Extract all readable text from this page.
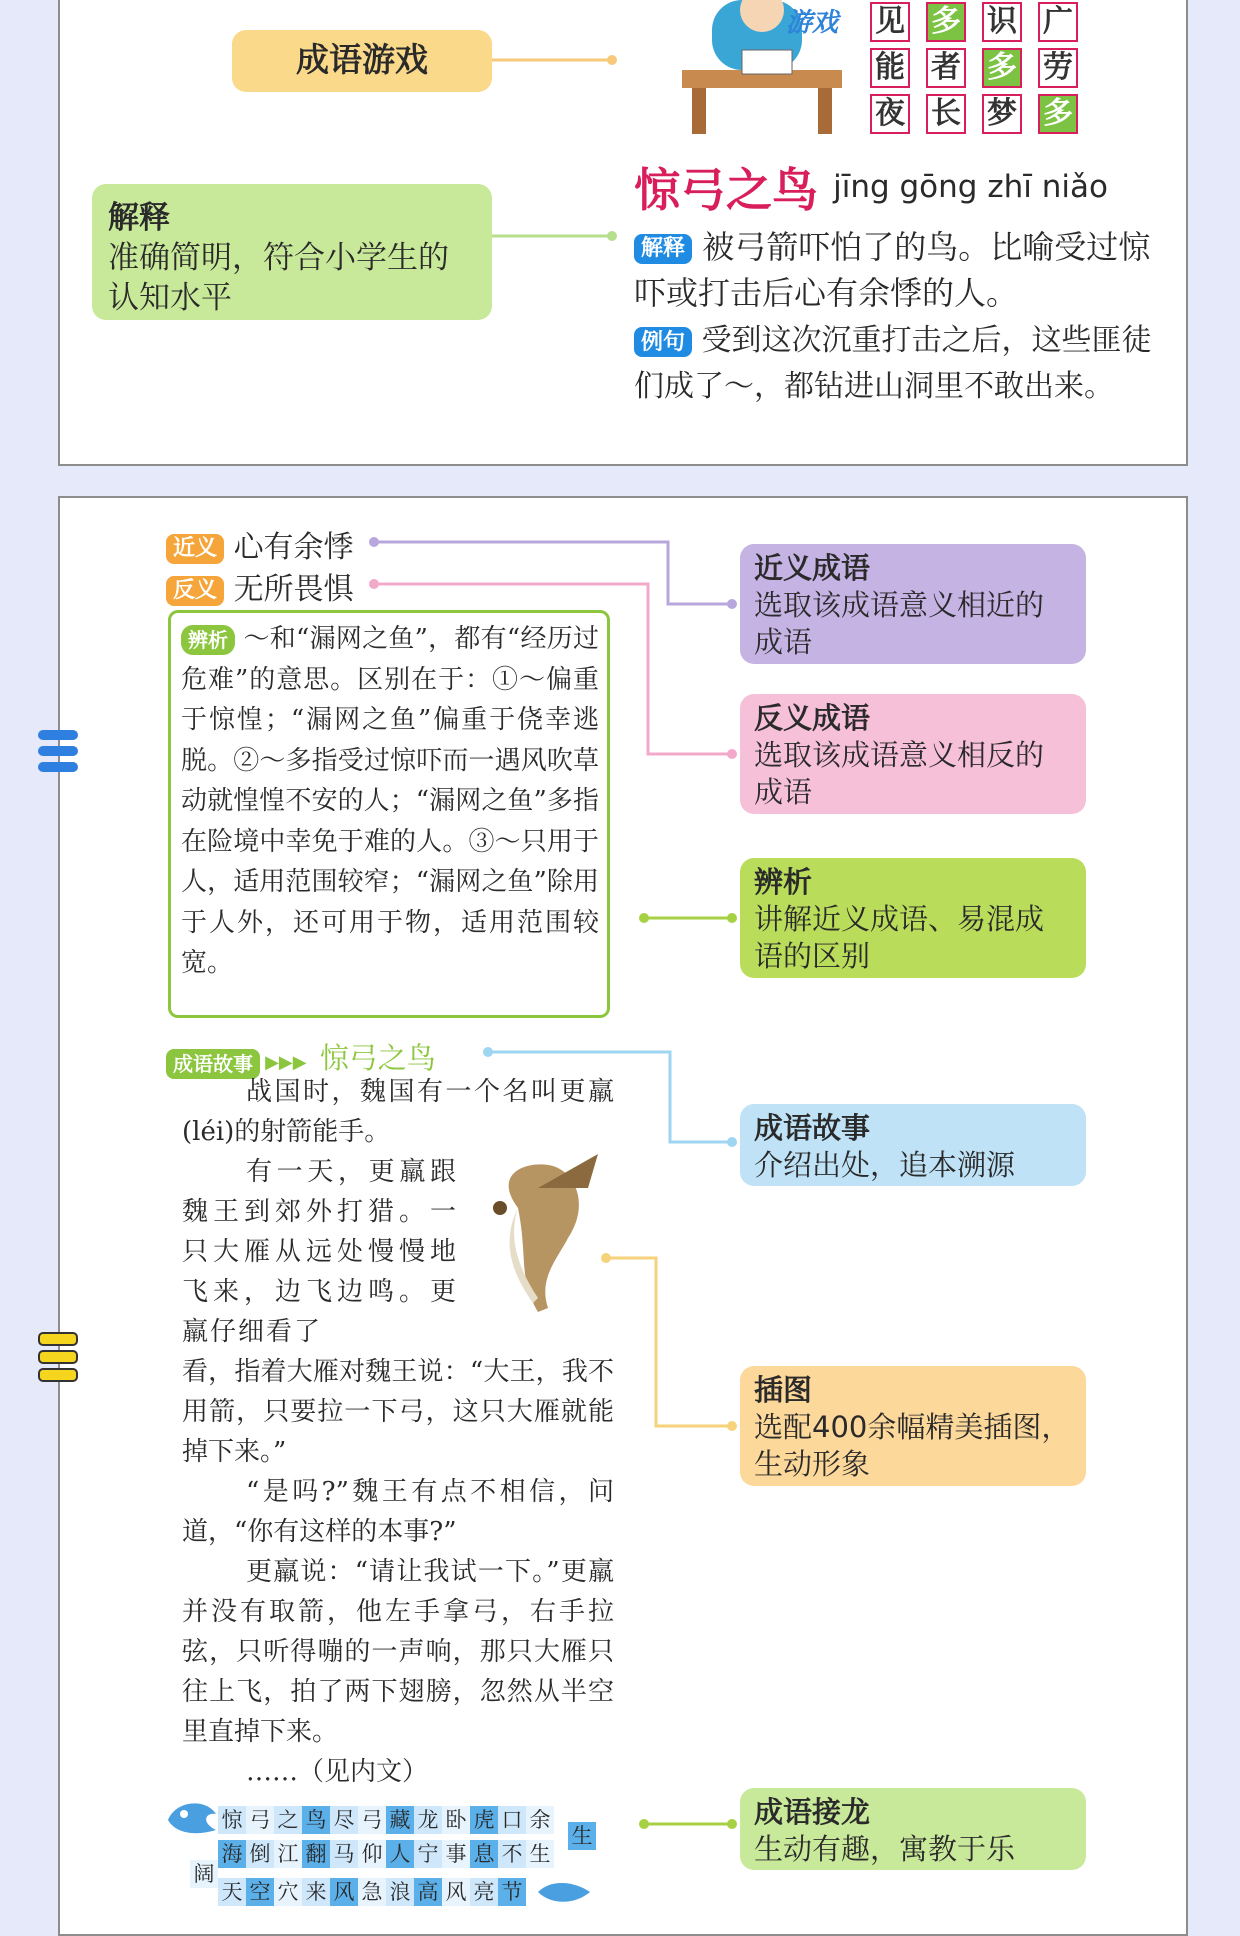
成语游戏
游戏 见 多 识 广
能 者 多 劳
夜 长 梦 多
解释
准确简明，符合小学生的认知水平
惊弓之鸟 jīng gōng zhī niǎo
解释 被弓箭吓怕了的鸟。比喻受过惊吓或打击后心有余悸的人。
例句 受到这次沉重打击之后，这些匪徒们成了～，都钻进山洞里不敢出来。
近义 心有余悸
反义 无所畏惧
辨析 ～和“漏网之鱼”，都有“经历过危难”的意思。区别在于：①～偏重于惊惶；“漏网之鱼”偏重于侥幸逃脱。②～多指受过惊吓而一遇风吹草动就惶惶不安的人；“漏网之鱼”多指在险境中幸免于难的人。③～只用于人，适用范围较窄；“漏网之鱼”除用于人外，还可用于物，适用范围较宽。
成语故事 ▶▶▶ 惊弓之鸟

战国时，魏国有一个名叫更羸(léi)的射箭能手。

有一天，更羸跟魏王到郊外打猎。一只大雁从远处慢慢地飞来，边飞边鸣。更羸仔细看了

看，指着大雁对魏王说：“大王，我不用箭，只要拉一下弓，这只大雁就能掉下来。”

“是吗?”魏王有点不相信，问道，“你有这样的本事?”

更羸说：“请让我试一下。”更羸并没有取箭，他左手拿弓，右手拉弦，只听得嘣的一声响，那只大雁只往上飞，拍了两下翅膀，忽然从半空里直掉下来。

……（见内文）

惊 弓 之 鸟 尽 弓 藏 龙 卧 虎 口 余
生
海 倒 江 翻 马 仰 人 宁 事 息 不 生
阔
天 空 穴 来 风 急 浪 高 风 亮 节
近义成语
选取该成语意义相近的成语
反义成语
选取该成语意义相反的成语
辨析
讲解近义成语、易混成语的区别
成语故事
介绍出处，追本溯源
插图
选配400余幅精美插图，生动形象
成语接龙
生动有趣，寓教于乐
